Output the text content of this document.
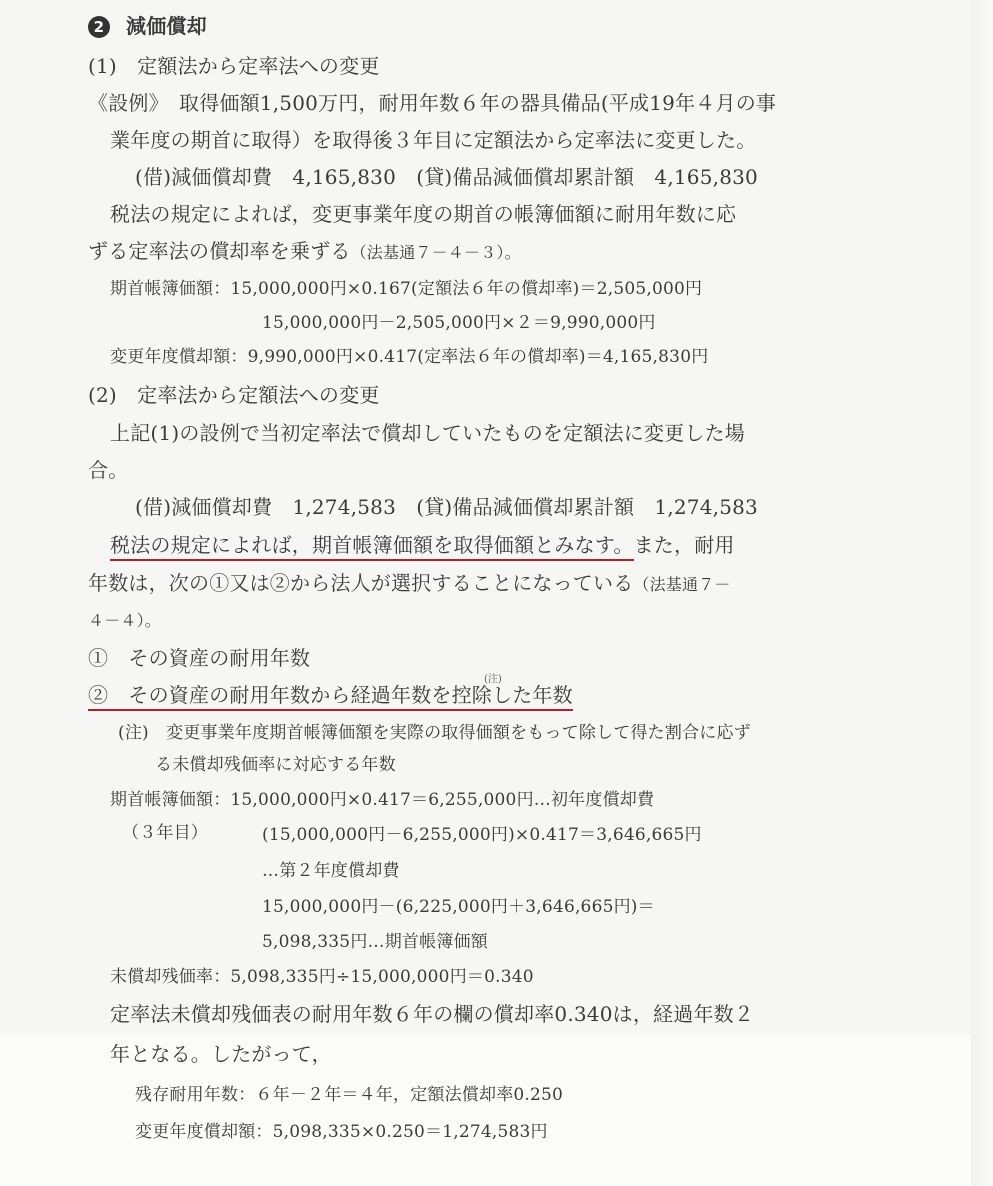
2 減価償却
(1)　定額法から定率法への変更
《設例》　取得価額1,500万円，耐用年数６年の器具備品(平成19年４月の事
業年度の期首に取得）を取得後３年目に定額法から定率法に変更した。
(借)減価償却費　4,165,830　(貸)備品減価償却累計額　4,165,830
税法の規定によれば，変更事業年度の期首の帳簿価額に耐用年数に応
ずる定率法の償却率を乗ずる（法基通７－４－３）。
期首帳簿価額：15,000,000円×0.167(定額法６年の償却率)＝2,505,000円
15,000,000円－2,505,000円×２＝9,990,000円
変更年度償却額：9,990,000円×0.417(定率法６年の償却率)＝4,165,830円
(2)　定率法から定額法への変更
上記(1)の設例で当初定率法で償却していたものを定額法に変更した場
合。
(借)減価償却費　1,274,583　(貸)備品減価償却累計額　1,274,583
税法の規定によれば，期首帳簿価額を取得価額とみなす。また，耐用
年数は，次の①又は②から法人が選択することになっている（法基通７－
４－４）。
①　その資産の耐用年数
(注)
②　その資産の耐用年数から経過年数を控除した年数
(注)　変更事業年度期首帳簿価額を実際の取得価額をもって除して得た割合に応ず
る未償却残価率に対応する年数
期首帳簿価額：15,000,000円×0.417＝6,255,000円…初年度償却費
（３年目）	(15,000,000円－6,255,000円)×0.417＝3,646,665円
…第２年度償却費
15,000,000円－(6,225,000円＋3,646,665円)＝
5,098,335円…期首帳簿価額
未償却残価率：5,098,335円÷15,000,000円＝0.340
定率法未償却残価表の耐用年数６年の欄の償却率0.340は，経過年数２
年となる。したがって，
残存耐用年数：６年－２年＝４年，定額法償却率0.250
変更年度償却額：5,098,335×0.250＝1,274,583円
